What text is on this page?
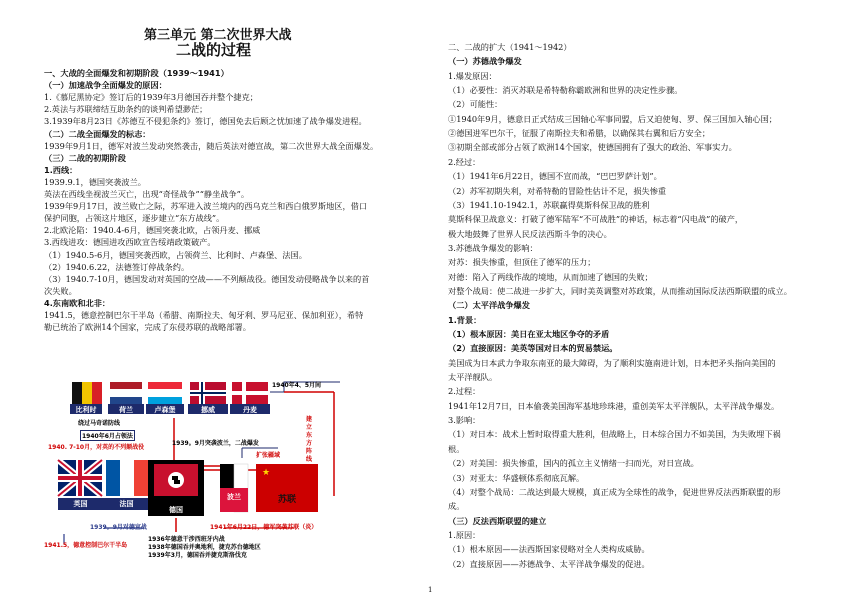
第三单元 第二次世界大战
二战的过程
一、大战的全面爆发和初期阶段（1939～1941）
（一）加速战争全面爆发的原因：
1.《慕尼黑协定》签订后的1939年3月德国吞并整个捷克；
2.英法与苏联缔结互助条约的谈判希望渺茫；
3.1939年8月23日《苏德互不侵犯条约》签订，德国免去后顾之忧加速了战争爆发进程。
（二）二战全面爆发的标志：
1939年9月1日，德军对波兰发动突然袭击，随后英法对德宣战，第二次世界大战全面爆发。
（三）二战的初期阶段
1.西线：
1939.9.1，德国突袭波兰。
英法在西线坐视波兰灭亡，出现“奇怪战争”“静坐战争”。
1939年9月17日，波兰败亡之际，苏军进入波兰境内的西乌克兰和西白俄罗斯地区，借口
保护同胞，占领这片地区，逐步建立“东方战线”。
2.北欧沦陷：1940.4-6月，德国突袭北欧，占领丹麦、挪威
3.西线进攻：德国进攻西欧宣告绥靖政策破产。
（1）1940.5-6月，德国突袭西欧，占领荷兰、比利时、卢森堡、法国。
（2）1940.6.22，法德签订停战条约。
（3）1940.7-10月，德国发动对英国的空战——不列颠战役。德国发动侵略战争以来的首
次失败。
4.东南欧和北非：
1941.5，德意控制巴尔干半岛（希腊、南斯拉夫、匈牙利、罗马尼亚、保加利亚），希特
勒已统治了欧洲14个国家，完成了东侵苏联的战略部署。
二、二战的扩大（1941～1942）
（一）苏德战争爆发
1.爆发原因：
（1）必要性：消灭苏联是希特勒称霸欧洲和世界的决定性步骤。
（2）可能性：
①1940年9月，德意日正式结成三国轴心军事同盟，后又迫使匈、罗、保三国加入轴心国；
②德国进军巴尔干，征服了南斯拉夫和希腊，以确保其右翼和后方安全；
③初期全部或部分占领了欧洲14个国家，使德国拥有了强大的政治、军事实力。
2.经过：
（1）1941年6月22日，德国不宣而战，“巴巴罗萨计划”。
（2）苏军初期失利，对希特勒的冒险性估计不足，损失惨重
（3）1941.10-1942.1，苏联赢得莫斯科保卫战的胜利
莫斯科保卫战意义：打破了德军陆军“不可战胜”的神话，标志着“闪电战”的破产，
极大地鼓舞了世界人民反法西斯斗争的决心。
3.苏德战争爆发的影响：
对苏：损失惨重，但顶住了德军的压力；
对德：陷入了两线作战的境地，从而加速了德国的失败；
对整个战局：使二战进一步扩大，同时美英调整对苏政策，从而推动国际反法西斯联盟的成立。
（二）太平洋战争爆发
1.背景：
（1）根本原因：美日在亚太地区争夺的矛盾
（2）直接原因：美英等国对日本的贸易禁运。
美国成为日本武力争取东南亚的最大障碍，为了顺利实施南进计划，日本把矛头指向美国的
太平洋舰队。
2.过程：
1941年12月7日，日本偷袭美国海军基地珍珠港，重创美军太平洋舰队，太平洋战争爆发。
3.影响：
（1）对日本：战术上暂时取得重大胜利，但战略上，日本综合国力不如美国，为失败埋下祸
根。
（2）对美国：损失惨重，国内的孤立主义情绪一扫而光，对日宣战。
（3）对亚太：华盛顿体系彻底瓦解。
（4）对整个战局：二战达到最大规模，真正成为全球性的战争，促进世界反法西斯联盟的形
成。
（三）反法西斯联盟的建立
1.原因：
（1）根本原因——法西斯国家侵略对全人类构成威胁。
（2）直接原因——苏德战争、太平洋战争爆发的促进。
★
比利时	荷兰	卢森堡	挪威	丹麦
英国	法国
德国
波兰	苏联
1940年4、5月间
绕过马奇诺防线
1940年6月占领法
1940. 7-10月，对英的不列颠战役
1939。9月突袭波兰，二战爆发
建立东方阵线
扩张疆域
1939。9月对德宣战	1941年6月22日，德军突袭苏联（炎）
1941.5，德意控制巴尔干半岛
1936年德意干涉西班牙内战
1938年德国吞并奥地利，捷克苏台德地区
1939年3月，德国吞并捷克斯洛伐克
1
